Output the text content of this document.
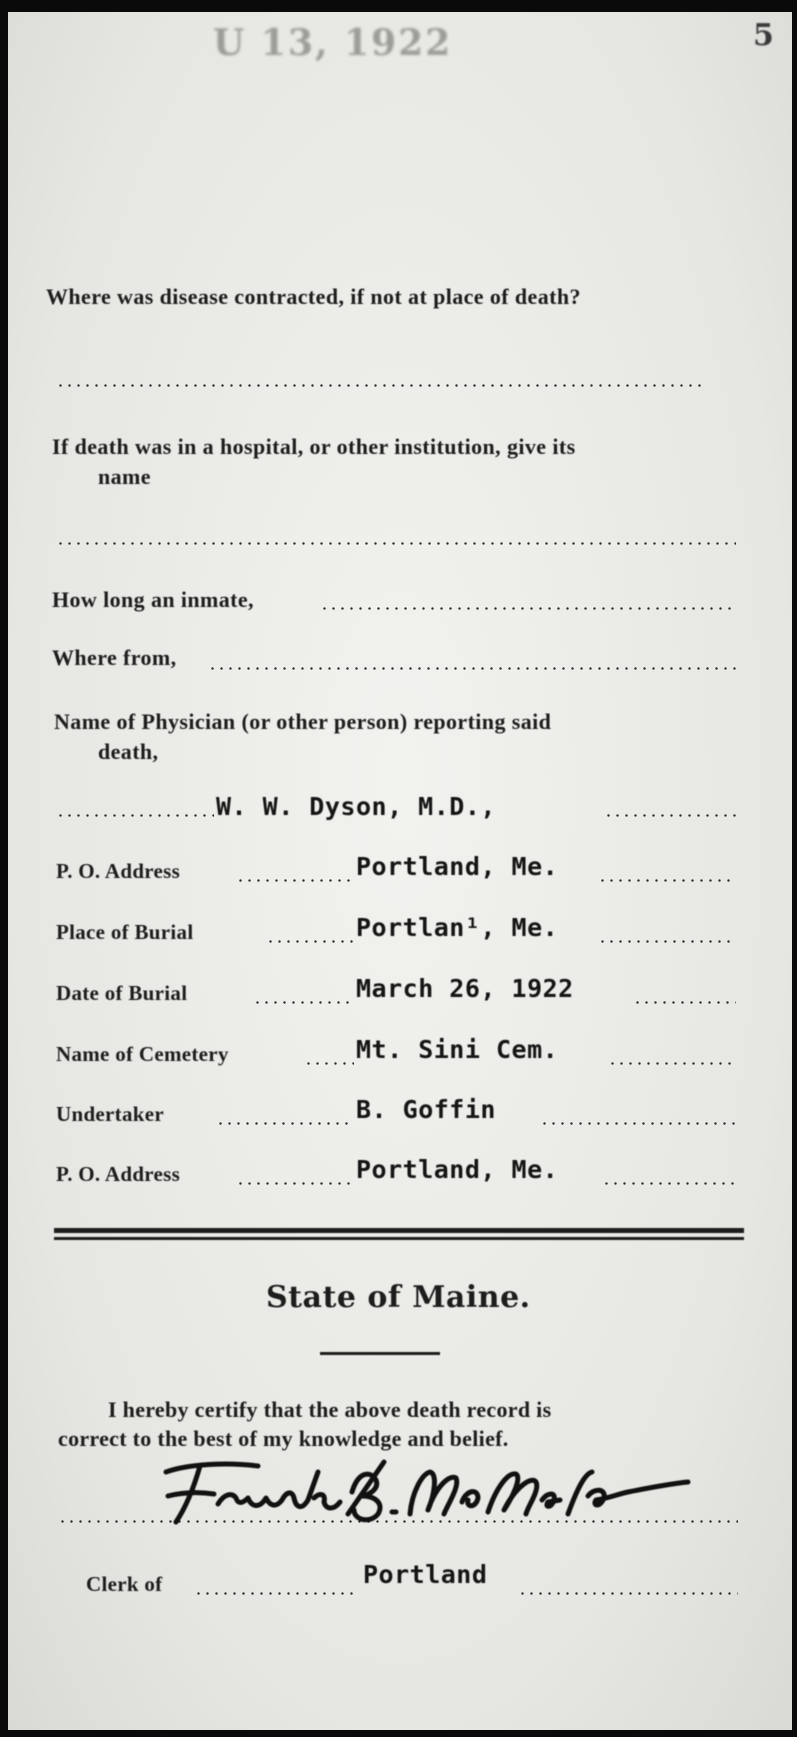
U 13, 1922	5
Where was disease contracted, if not at place of death?
If death was in a hospital, or other institution, give its
name
How long an inmate,
Where from,
Name of Physician (or other person) reporting said
death,
W. W. Dyson, M.D.,
P. O. Address	Portland, Me.
Place of Burial	Portlan¹, Me.
Date of Burial	March 26, 1922
Name of Cemetery	Mt. Sini Cem.
Undertaker	B. Goffin
P. O. Address	Portland, Me.
State of Maine.
I hereby certify that the above death record is
correct to the best of my knowledge and belief.
Clerk of	Portland
